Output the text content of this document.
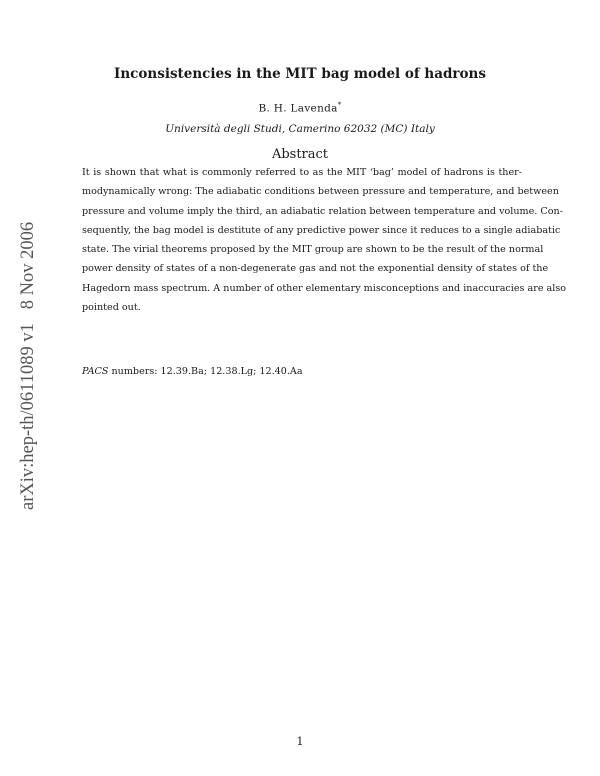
arXiv:hep-th/0611089 v1   8 Nov 2006
Inconsistencies in the MIT bag model of hadrons
B. H. Lavenda*
Università degli Studi, Camerino 62032 (MC) Italy
Abstract
It is shown that what is commonly referred to as the MIT ‘bag’ model of hadrons is ther-
modynamically wrong: The adiabatic conditions between pressure and temperature, and between
pressure and volume imply the third, an adiabatic relation between temperature and volume. Con-
sequently, the bag model is destitute of any predictive power since it reduces to a single adiabatic
state. The virial theorems proposed by the MIT group are shown to be the result of the normal
power density of states of a non-degenerate gas and not the exponential density of states of the
Hagedorn mass spectrum. A number of other elementary misconceptions and inaccuracies are also
pointed out.
PACS numbers: 12.39.Ba; 12.38.Lg; 12.40.Aa
1
